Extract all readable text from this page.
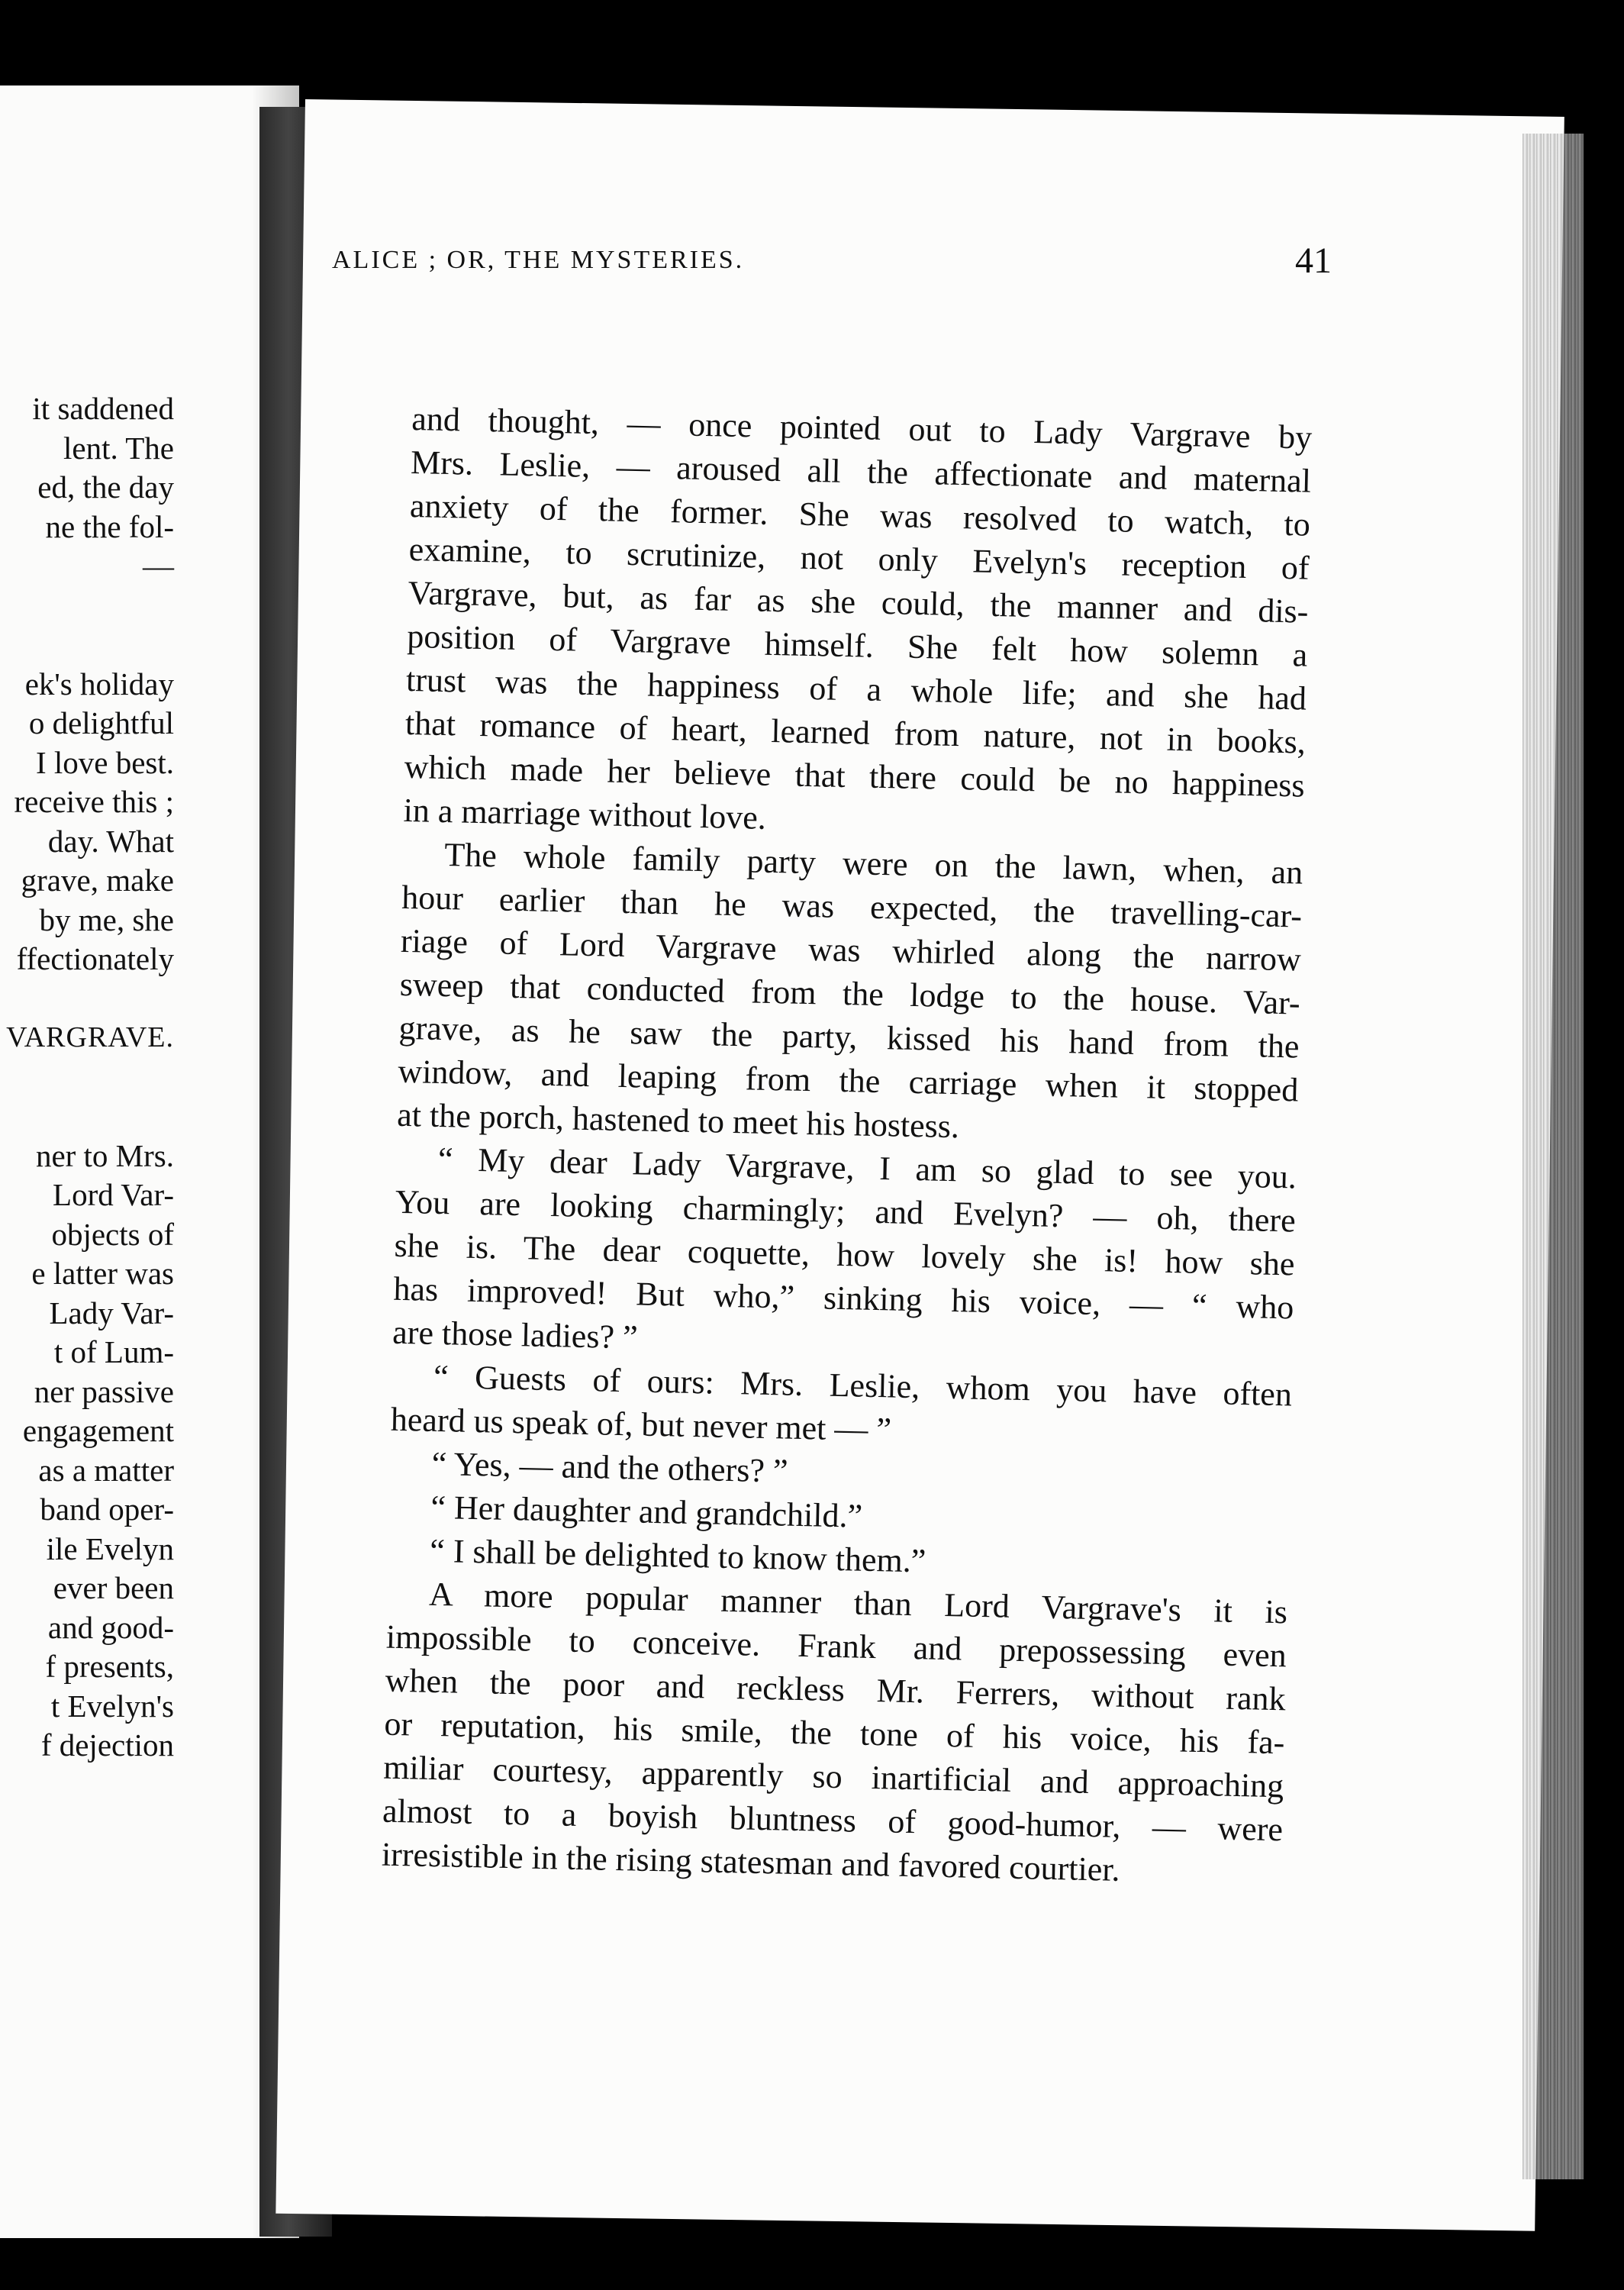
it saddened
lent. The
ed, the day
ne the fol-
—
ek's holiday
o delightful
I love best.
receive this ;
day. What
grave, make
by me, she
ffectionately
VARGRAVE.
ner to Mrs.
Lord Var-
objects of
e latter was
Lady Var-
t of Lum-
ner passive
engagement
as a matter
band oper-
ile Evelyn
ever been
and good-
f presents,
t Evelyn's
f dejection
ALICE ; OR, THE MYSTERIES.	41
and thought, — once pointed out to Lady Vargrave by
Mrs. Leslie, — aroused all the affectionate and maternal
anxiety of the former. She was resolved to watch, to
examine, to scrutinize, not only Evelyn's reception of
Vargrave, but, as far as she could, the manner and dis-
position of Vargrave himself. She felt how solemn a
trust was the happiness of a whole life; and she had
that romance of heart, learned from nature, not in books,
which made her believe that there could be no happiness
in a marriage without love.
The whole family party were on the lawn, when, an
hour earlier than he was expected, the travelling-car-
riage of Lord Vargrave was whirled along the narrow
sweep that conducted from the lodge to the house. Var-
grave, as he saw the party, kissed his hand from the
window, and leaping from the carriage when it stopped
at the porch, hastened to meet his hostess.
“ My dear Lady Vargrave, I am so glad to see you.
You are looking charmingly; and Evelyn? — oh, there
she is. The dear coquette, how lovely she is! how she
has improved! But who,” sinking his voice, — “ who
are those ladies? ”
“ Guests of ours: Mrs. Leslie, whom you have often
heard us speak of, but never met — ”
“ Yes, — and the others? ”
“ Her daughter and grandchild.”
“ I shall be delighted to know them.”
A more popular manner than Lord Vargrave's it is
impossible to conceive. Frank and prepossessing even
when the poor and reckless Mr. Ferrers, without rank
or reputation, his smile, the tone of his voice, his fa-
miliar courtesy, apparently so inartificial and approaching
almost to a boyish bluntness of good-humor, — were
irresistible in the rising statesman and favored courtier.
